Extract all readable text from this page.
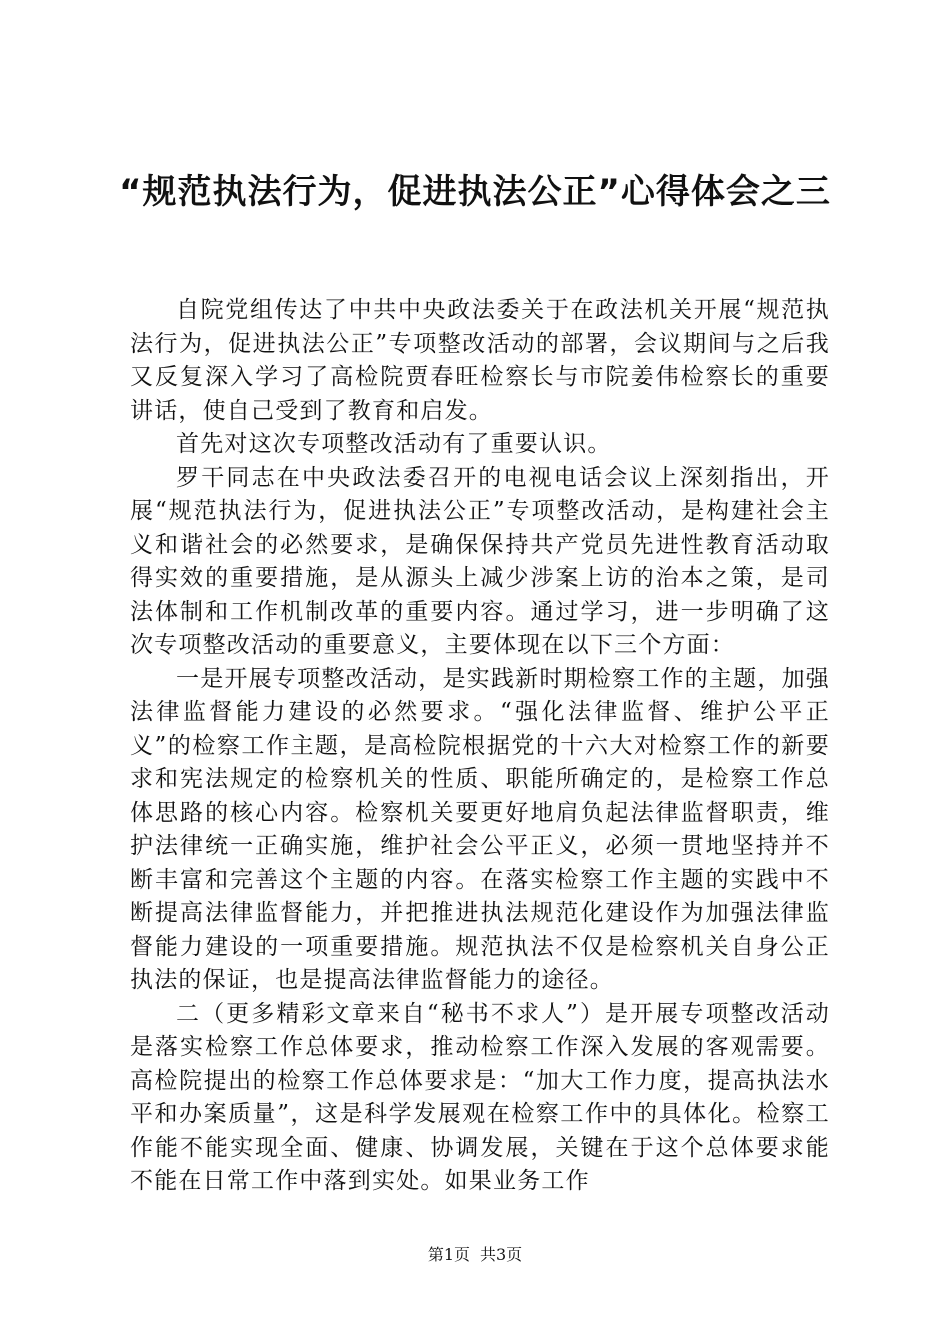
“规范执法行为，促进执法公正”心得体会之三

自院党组传达了中共中央政法委关于在政法机关开展“规范执法行为，促进执法公正”专项整改活动的部署，会议期间与之后我又反复深入学习了高检院贾春旺检察长与市院姜伟检察长的重要讲话，使自己受到了教育和启发。

首先对这次专项整改活动有了重要认识。

罗干同志在中央政法委召开的电视电话会议上深刻指出，开展“规范执法行为，促进执法公正”专项整改活动，是构建社会主义和谐社会的必然要求，是确保保持共产党员先进性教育活动取得实效的重要措施，是从源头上减少涉案上访的治本之策，是司法体制和工作机制改革的重要内容。通过学习，进一步明确了这次专项整改活动的重要意义，主要体现在以下三个方面：

一是开展专项整改活动，是实践新时期检察工作的主题，加强法律监督能力建设的必然要求。“强化法律监督、维护公平正义”的检察工作主题，是高检院根据党的十六大对检察工作的新要求和宪法规定的检察机关的性质、职能所确定的，是检察工作总体思路的核心内容。检察机关要更好地肩负起法律监督职责，维护法律统一正确实施，维护社会公平正义，必须一贯地坚持并不断丰富和完善这个主题的内容。在落实检察工作主题的实践中不断提高法律监督能力，并把推进执法规范化建设作为加强法律监督能力建设的一项重要措施。规范执法不仅是检察机关自身公正执法的保证，也是提高法律监督能力的途径。

二（更多精彩文章来自“秘书不求人”）是开展专项整改活动是落实检察工作总体要求，推动检察工作深入发展的客观需要。高检院提出的检察工作总体要求是：“加大工作力度，提高执法水平和办案质量”，这是科学发展观在检察工作中的具体化。检察工作能不能实现全面、健康、协调发展，关键在于这个总体要求能不能在日常工作中落到实处。如果业务工作

第1页 共3页
